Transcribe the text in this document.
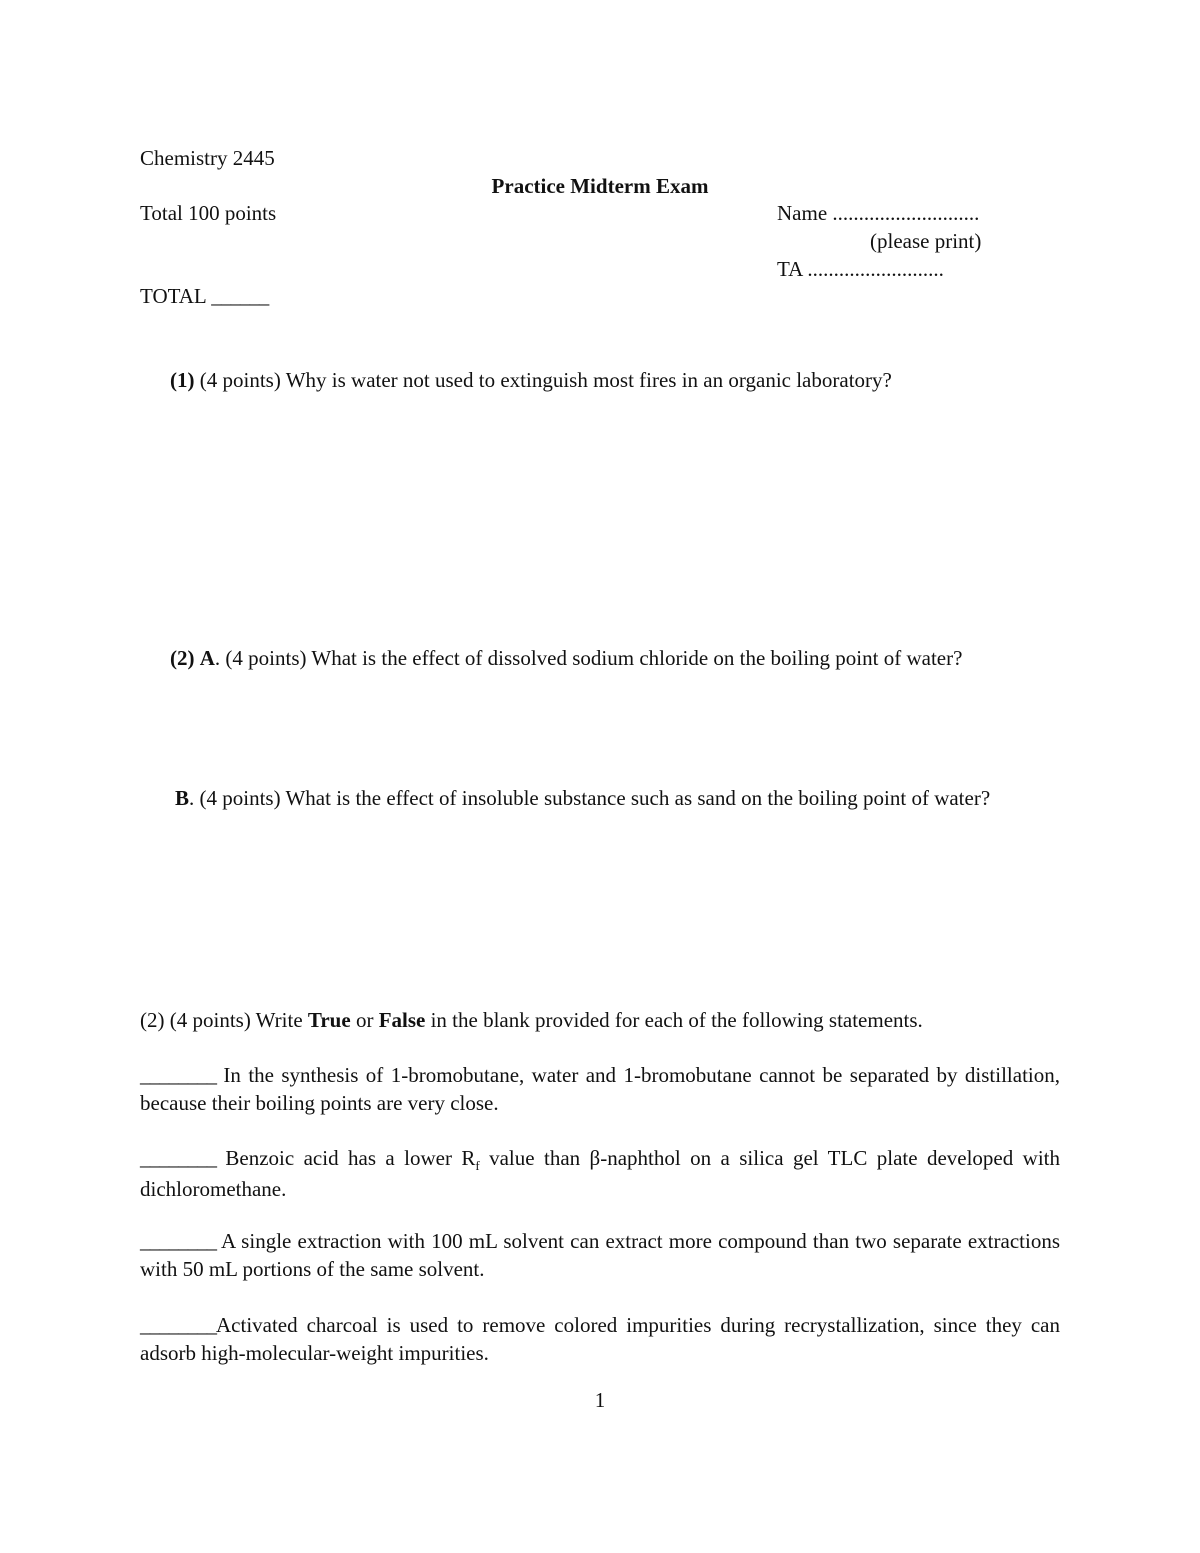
Chemistry 2445
Practice Midterm Exam
Total 100 points	Name ............................
(please print)
TA ..........................
TOTAL ______
(1) (4 points) Why is water not used to extinguish most fires in an organic laboratory?
(2) A. (4 points) What is the effect of dissolved sodium chloride on the boiling point of water?
B. (4 points) What is the effect of insoluble substance such as sand on the boiling point of water?
(2) (4 points) Write True or False in the blank provided for each of the following statements.
________ In the synthesis of 1-bromobutane, water and 1-bromobutane cannot be separated by distillation, because their boiling points are very close.
________ Benzoic acid has a lower $R_f$ value than β-naphthol on a silica gel TLC plate developed with dichloromethane.
________ A single extraction with 100 mL solvent can extract more compound than two separate extractions with 50 mL portions of the same solvent.
________Activated charcoal is used to remove colored impurities during recrystallization, since they can adsorb high-molecular-weight impurities.
1
